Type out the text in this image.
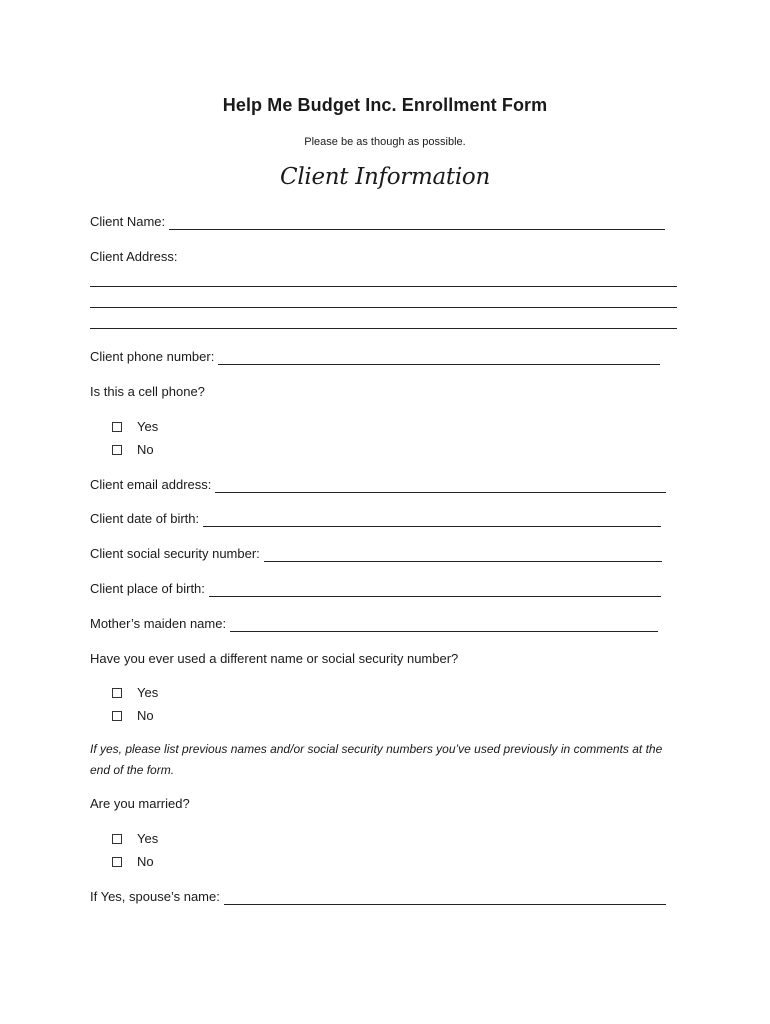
Help Me Budget Inc. Enrollment Form
Please be as though as possible.
Client Information
Client Name:
Client Address:
Client phone number:
Is this a cell phone?
Yes
No
Client email address:
Client date of birth:
Client social security number:
Client place of birth:
Mother’s maiden name:
Have you ever used a different name or social security number?
Yes
No
If yes, please list previous names and/or social security numbers you’ve used previously in comments at the end of the form.
Are you married?
Yes
No
If Yes, spouse’s name:
